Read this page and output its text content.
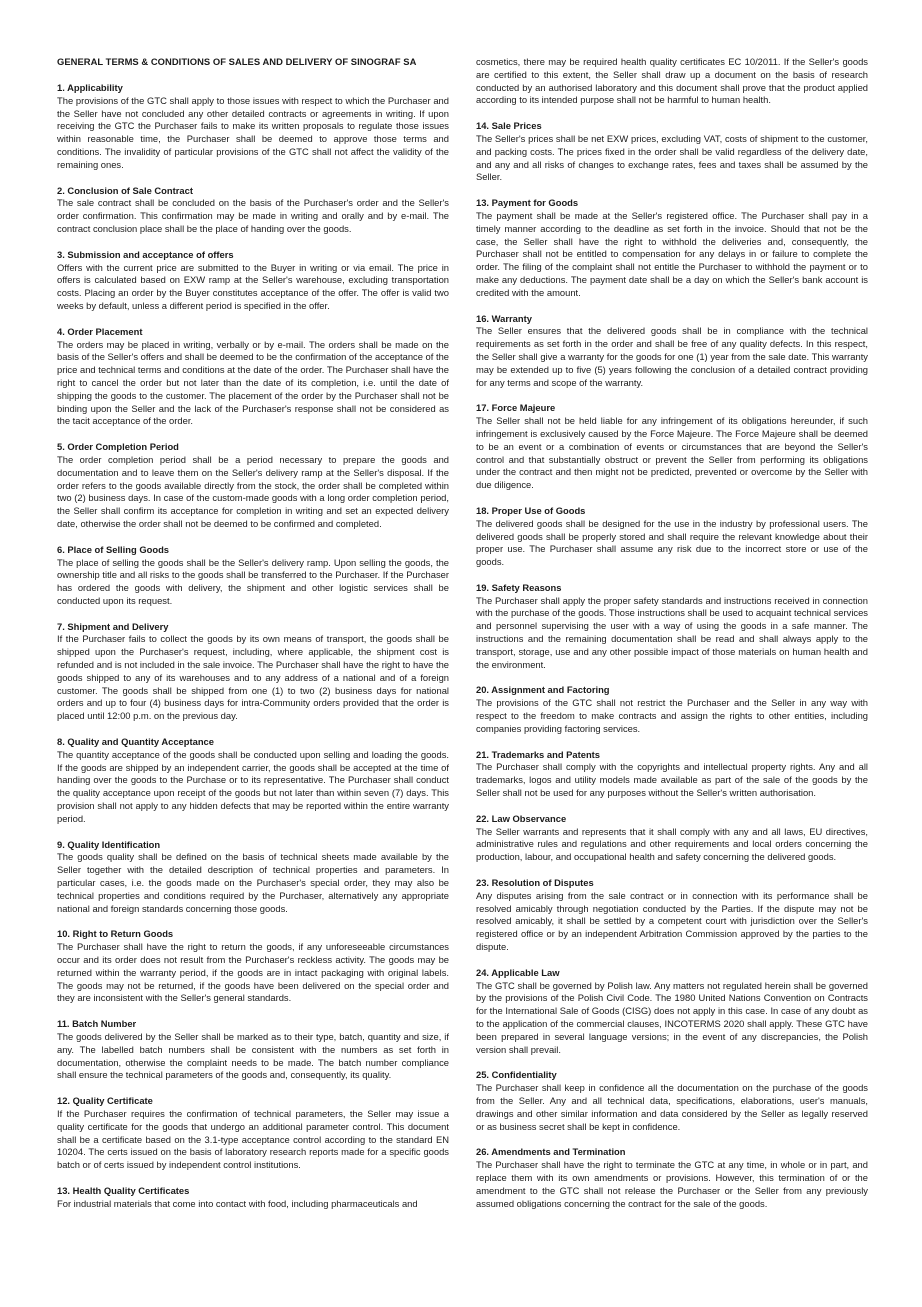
GENERAL TERMS & CONDITIONS OF SALES AND DELIVERY OF SINOGRAF SA
1. Applicability

The provisions of the GTC shall apply to those issues with respect to which the Purchaser and the Seller have not concluded any other detailed contracts or agreements in writing. If upon receiving the GTC the Purchaser fails to make its written proposals to regulate those issues within reasonable time, the Purchaser shall be deemed to approve those terms and conditions. The invalidity of particular provisions of the GTC shall not affect the validity of the remaining ones.

2. Conclusion of Sale Contract

The sale contract shall be concluded on the basis of the Purchaser's order and the Seller's order confirmation. This confirmation may be made in writing and orally and by e-mail. The contract conclusion place shall be the place of handing over the goods.

3. Submission and acceptance of offers

Offers with the current price are submitted to the Buyer in writing or via email. The price in offers is calculated based on EXW ramp at the Seller's warehouse, excluding transportation costs. Placing an order by the Buyer constitutes acceptance of the offer. The offer is valid two weeks by default, unless a different period is specified in the offer.

4. Order Placement

The orders may be placed in writing, verbally or by e-mail. The orders shall be made on the basis of the Seller's offers and shall be deemed to be the confirmation of the acceptance of the price and technical terms and conditions at the date of the order. The Purchaser shall have the right to cancel the order but not later than the date of its completion, i.e. until the date of shipping the goods to the customer. The placement of the order by the Purchaser shall not be binding upon the Seller and the lack of the Purchaser's response shall not be considered as the tacit acceptance of the order.

5. Order Completion Period

The order completion period shall be a period necessary to prepare the goods and documentation and to leave them on the Seller's delivery ramp at the Seller's disposal. If the order refers to the goods available directly from the stock, the order shall be completed within two (2) business days. In case of the custom-made goods with a long order completion period, the Seller shall confirm its acceptance for completion in writing and set an expected delivery date, otherwise the order shall not be deemed to be confirmed and completed.

6. Place of Selling Goods

The place of selling the goods shall be the Seller's delivery ramp. Upon selling the goods, the ownership title and all risks to the goods shall be transferred to the Purchaser. If the Purchaser has ordered the goods with delivery, the shipment and other logistic services shall be conducted upon its request.

7. Shipment and Delivery

If the Purchaser fails to collect the goods by its own means of transport, the goods shall be shipped upon the Purchaser's request, including, where applicable, the shipment cost is refunded and is not included in the sale invoice. The Purchaser shall have the right to have the goods shipped to any of its warehouses and to any address of a national and of a foreign customer. The goods shall be shipped from one (1) to two (2) business days for national orders and up to four (4) business days for intra-Community orders provided that the order is placed until 12:00 p.m. on the previous day.

8. Quality and Quantity Acceptance

The quantity acceptance of the goods shall be conducted upon selling and loading the goods. If the goods are shipped by an independent carrier, the goods shall be accepted at the time of handing over the goods to the Purchase or to its representative. The Purchaser shall conduct the quality acceptance upon receipt of the goods but not later than within seven (7) days. This provision shall not apply to any hidden defects that may be reported within the entire warranty period.

9. Quality Identification

The goods quality shall be defined on the basis of technical sheets made available by the Seller together with the detailed description of technical properties and parameters. In particular cases, i.e. the goods made on the Purchaser's special order, they may also be technical properties and conditions required by the Purchaser, alternatively any appropriate national and foreign standards concerning those goods.

10. Right to Return Goods

The Purchaser shall have the right to return the goods, if any unforeseeable circumstances occur and its order does not result from the Purchaser's reckless activity. The goods may be returned within the warranty period, if the goods are in intact packaging with original labels. The goods may not be returned, if the goods have been delivered on the special order and they are inconsistent with the Seller's general standards.

11. Batch Number

The goods delivered by the Seller shall be marked as to their type, batch, quantity and size, if any. The labelled batch numbers shall be consistent with the numbers as set forth in documentation, otherwise the complaint needs to be made. The batch number compliance shall ensure the technical parameters of the goods and, consequently, its quality.

12. Quality Certificate

If the Purchaser requires the confirmation of technical parameters, the Seller may issue a quality certificate for the goods that undergo an additional parameter control. This document shall be a certificate based on the 3.1-type acceptance control according to the standard EN 10204. The certs issued on the basis of laboratory research reports made for a specific goods batch or of certs issued by independent control institutions.

13. Health Quality Certificates

For industrial materials that come into contact with food, including pharmaceuticals and

cosmetics, there may be required health quality certificates EC 10/2011. If the Seller's goods are certified to this extent, the Seller shall draw up a document on the basis of research conducted by an authorised laboratory and this document shall prove that the product applied according to its intended purpose shall not be harmful to human health.

14. Sale Prices

The Seller's prices shall be net EXW prices, excluding VAT, costs of shipment to the customer, and packing costs. The prices fixed in the order shall be valid regardless of the delivery date, and any and all risks of changes to exchange rates, fees and taxes shall be assumed by the Seller.

13. Payment for Goods

The payment shall be made at the Seller's registered office. The Purchaser shall pay in a timely manner according to the deadline as set forth in the invoice. Should that not be the case, the Seller shall have the right to withhold the deliveries and, consequently, the Purchaser shall not be entitled to compensation for any delays in or failure to complete the order. The filing of the complaint shall not entitle the Purchaser to withhold the payment or to make any deductions. The payment date shall be a day on which the Seller's bank account is credited with the amount.

16. Warranty

The Seller ensures that the delivered goods shall be in compliance with the technical requirements as set forth in the order and shall be free of any quality defects. In this respect, the Seller shall give a warranty for the goods for one (1) year from the sale date. This warranty may be extended up to five (5) years following the conclusion of a detailed contract providing for any terms and scope of the warranty.

17. Force Majeure

The Seller shall not be held liable for any infringement of its obligations hereunder, if such infringement is exclusively caused by the Force Majeure. The Force Majeure shall be deemed to be an event or a combination of events or circumstances that are beyond the Seller's control and that substantially obstruct or prevent the Seller from performing its obligations under the contract and then might not be predicted, prevented or overcome by the Seller with due diligence.

18. Proper Use of Goods

The delivered goods shall be designed for the use in the industry by professional users. The delivered goods shall be properly stored and shall require the relevant knowledge about their proper use. The Purchaser shall assume any risk due to the incorrect store or use of the goods.

19. Safety Reasons

The Purchaser shall apply the proper safety standards and instructions received in connection with the purchase of the goods. Those instructions shall be used to acquaint technical services and personnel supervising the user with a way of using the goods in a safe manner. The instructions and the remaining documentation shall be read and shall always apply to the transport, storage, use and any other possible impact of those materials on human health and the environment.

20. Assignment and Factoring

The provisions of the GTC shall not restrict the Purchaser and the Seller in any way with respect to the freedom to make contracts and assign the rights to other entities, including companies providing factoring services.

21. Trademarks and Patents

The Purchaser shall comply with the copyrights and intellectual property rights. Any and all trademarks, logos and utility models made available as part of the sale of the goods by the Seller shall not be used for any purposes without the Seller's written authorisation.

22. Law Observance

The Seller warrants and represents that it shall comply with any and all laws, EU directives, administrative rules and regulations and other requirements and local orders concerning the production, labour, and occupational health and safety concerning the delivered goods.

23. Resolution of Disputes

Any disputes arising from the sale contract or in connection with its performance shall be resolved amicably through negotiation conducted by the Parties. If the dispute may not be resolved amicably, it shall be settled by a competent court with jurisdiction over the Seller's registered office or by an independent Arbitration Commission approved by the parties to the dispute.

24. Applicable Law

The GTC shall be governed by Polish law. Any matters not regulated herein shall be governed by the provisions of the Polish Civil Code. The 1980 United Nations Convention on Contracts for the International Sale of Goods (CISG) does not apply in this case. In case of any doubt as to the application of the commercial clauses, INCOTERMS 2020 shall apply. These GTC have been prepared in several language versions; in the event of any discrepancies, the Polish version shall prevail.

25. Confidentiality

The Purchaser shall keep in confidence all the documentation on the purchase of the goods from the Seller. Any and all technical data, specifications, elaborations, user's manuals, drawings and other similar information and data considered by the Seller as legally reserved or as business secret shall be kept in confidence.

26. Amendments and Termination

The Purchaser shall have the right to terminate the GTC at any time, in whole or in part, and replace them with its own amendments or provisions. However, this termination of or the amendment to the GTC shall not release the Purchaser or the Seller from any previously assumed obligations concerning the contract for the sale of the goods.
